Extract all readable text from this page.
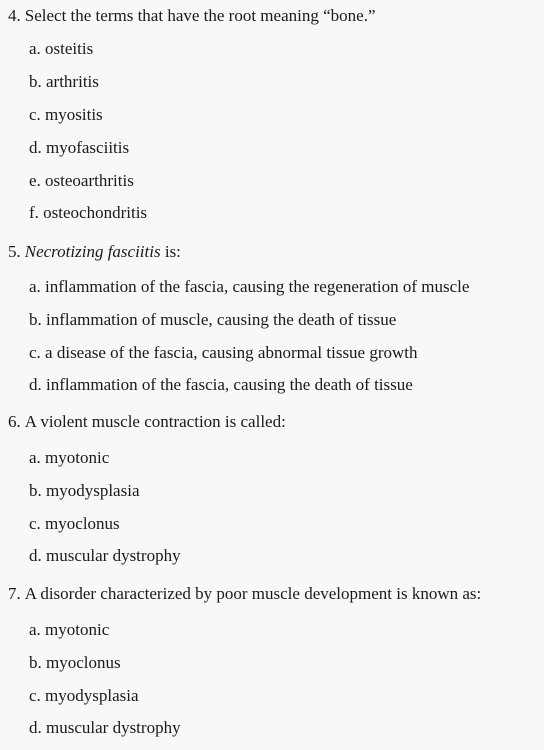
4. Select the terms that have the root meaning “bone.”
a. osteitis
b. arthritis
c. myositis
d. myofasciitis
e. osteoarthritis
f. osteochondritis
5. Necrotizing fasciitis is:
a. inflammation of the fascia, causing the regeneration of muscle
b. inflammation of muscle, causing the death of tissue
c. a disease of the fascia, causing abnormal tissue growth
d. inflammation of the fascia, causing the death of tissue
6. A violent muscle contraction is called:
a. myotonic
b. myodysplasia
c. myoclonus
d. muscular dystrophy
7. A disorder characterized by poor muscle development is known as:
a. myotonic
b. myoclonus
c. myodysplasia
d. muscular dystrophy
